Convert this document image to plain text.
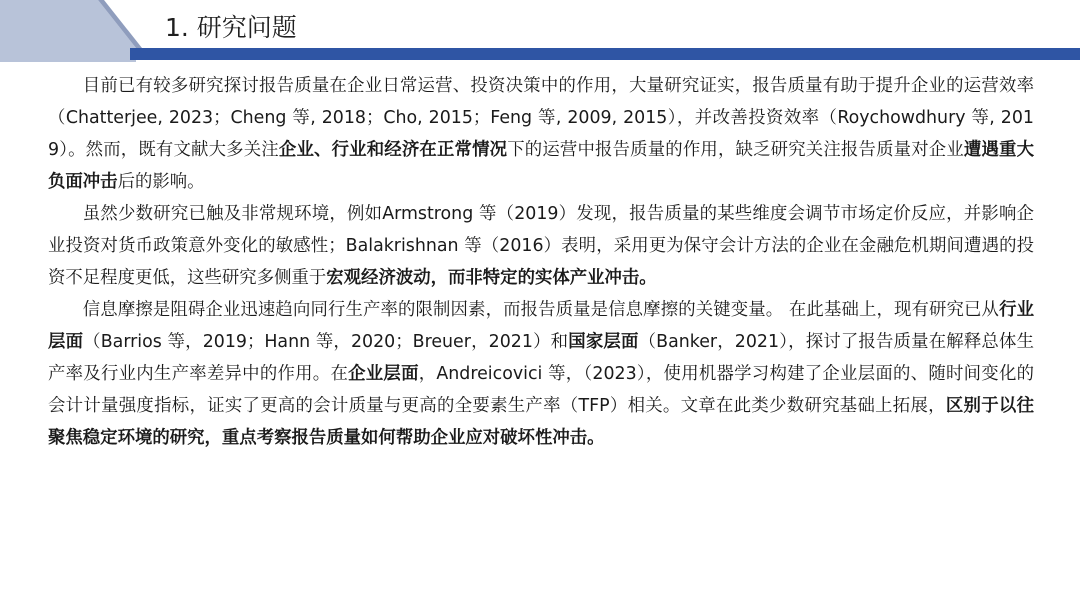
1. 研究问题

目前已有较多研究探讨报告质量在企业日常运营、投资决策中的作用，大量研究证实，报告质量有助于提升企业的运营效率（Chatterjee, 2023；Cheng 等, 2018；Cho, 2015；Feng 等, 2009, 2015），并改善投资效率（Roychowdhury 等, 2019）。然而，既有文献大多关注企业、行业和经济在正常情况下的运营中报告质量的作用，缺乏研究关注报告质量对企业遭遇重大负面冲击后的影响。

虽然少数研究已触及非常规环境，例如Armstrong 等（2019）发现，报告质量的某些维度会调节市场定价反应，并影响企业投资对货币政策意外变化的敏感性；Balakrishnan 等（2016）表明，采用更为保守会计方法的企业在金融危机期间遭遇的投资不足程度更低，这些研究多侧重于宏观经济波动，而非特定的实体产业冲击。

信息摩擦是阻碍企业迅速趋向同行生产率的限制因素，而报告质量是信息摩擦的关键变量。 在此基础上，现有研究已从行业层面（Barrios 等，2019；Hann 等，2020；Breuer，2021）和国家层面（Banker，2021），探讨了报告质量在解释总体生产率及行业内生产率差异中的作用。在企业层面，Andreicovici 等，（2023），使用机器学习构建了企业层面的、随时间变化的会计计量强度指标，证实了更高的会计质量与更高的全要素生产率（TFP）相关。文章在此类少数研究基础上拓展，区别于以往聚焦稳定环境的研究，重点考察报告质量如何帮助企业应对破坏性冲击。
